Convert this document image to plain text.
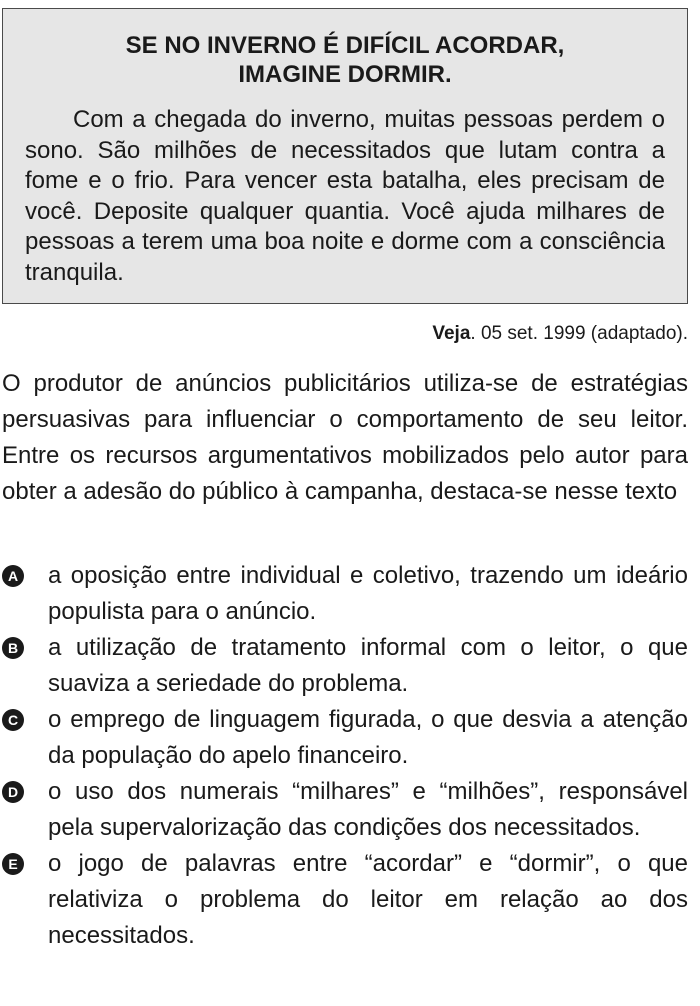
SE NO INVERNO É DIFÍCIL ACORDAR,
IMAGINE DORMIR.

Com a chegada do inverno, muitas pessoas perdem o sono. São milhões de necessitados que lutam contra a fome e o frio. Para vencer esta batalha, eles precisam de você. Deposite qualquer quantia. Você ajuda milhares de pessoas a terem uma boa noite e dorme com a consciência tranquila.

Veja. 05 set. 1999 (adaptado).

O produtor de anúncios publicitários utiliza-se de estratégias persuasivas para influenciar o comportamento de seu leitor. Entre os recursos argumentativos mobilizados pelo autor para obter a adesão do público à campanha, destaca-se nesse texto

A a oposição entre individual e coletivo, trazendo um ideário populista para o anúncio.
B a utilização de tratamento informal com o leitor, o que suaviza a seriedade do problema.
C o emprego de linguagem figurada, o que desvia a atenção da população do apelo financeiro.
D o uso dos numerais “milhares” e “milhões”, responsável pela supervalorização das condições dos necessitados.
E o jogo de palavras entre “acordar” e “dormir”, o que relativiza o problema do leitor em relação ao dos necessitados.
